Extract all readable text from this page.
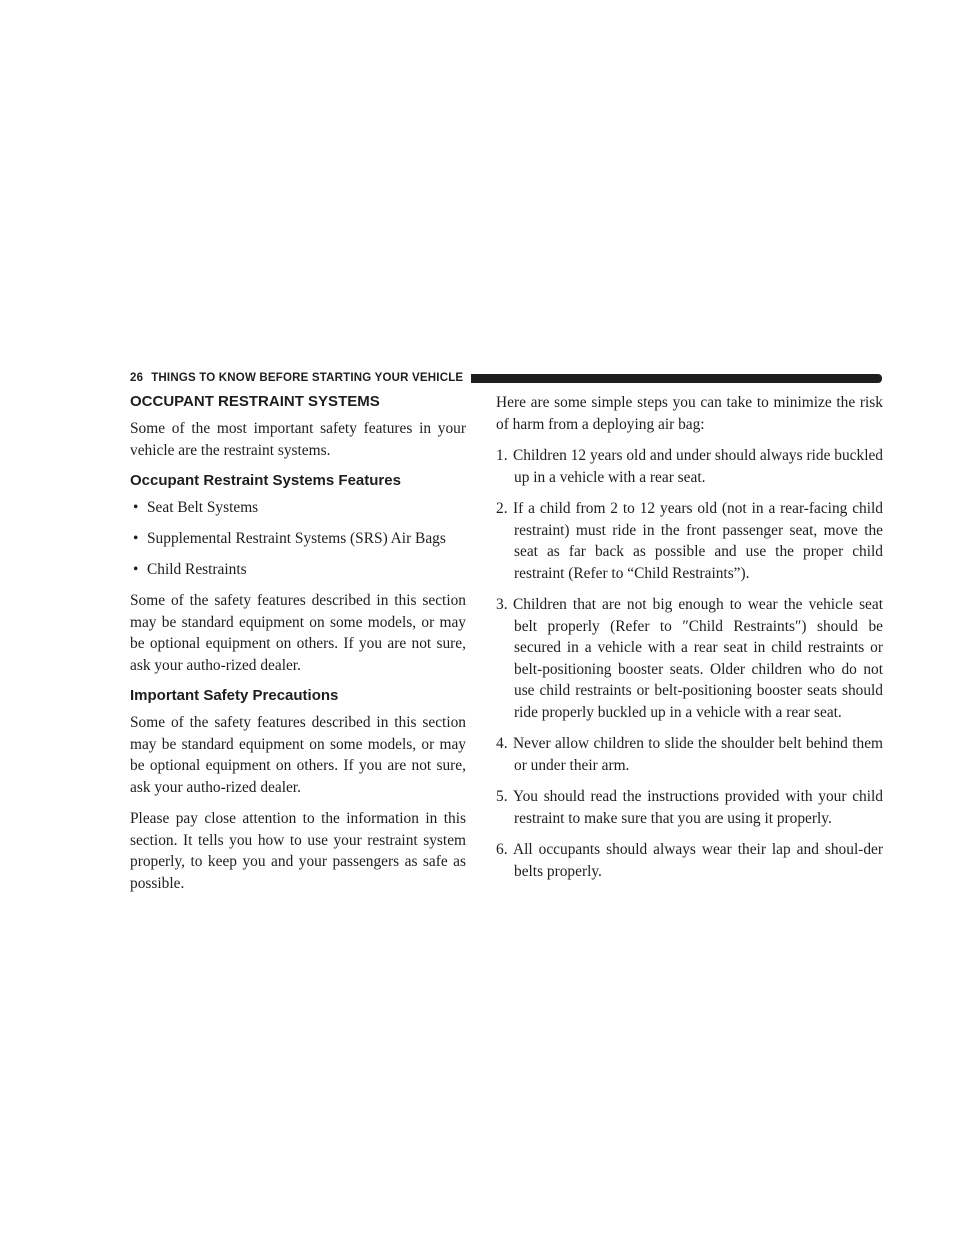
26 THINGS TO KNOW BEFORE STARTING YOUR VEHICLE
OCCUPANT RESTRAINT SYSTEMS

Some of the most important safety features in your vehicle are the restraint systems.

Occupant Restraint Systems Features
• Seat Belt Systems
• Supplemental Restraint Systems (SRS) Air Bags
• Child Restraints

Some of the safety features described in this section may be standard equipment on some models, or may be optional equipment on others. If you are not sure, ask your autho-rized dealer.

Important Safety Precautions

Some of the safety features described in this section may be standard equipment on some models, or may be optional equipment on others. If you are not sure, ask your autho-rized dealer.

Please pay close attention to the information in this section. It tells you how to use your restraint system properly, to keep you and your passengers as safe as possible.

Here are some simple steps you can take to minimize the risk of harm from a deploying air bag:

1. Children 12 years old and under should always ride buckled up in a vehicle with a rear seat.
2. If a child from 2 to 12 years old (not in a rear-facing child restraint) must ride in the front passenger seat, move the seat as far back as possible and use the proper child restraint (Refer to “Child Restraints”).
3. Children that are not big enough to wear the vehicle seat belt properly (Refer to ″Child Restraints″) should be secured in a vehicle with a rear seat in child restraints or belt-positioning booster seats. Older children who do not use child restraints or belt-positioning booster seats should ride properly buckled up in a vehicle with a rear seat.
4. Never allow children to slide the shoulder belt behind them or under their arm.
5. You should read the instructions provided with your child restraint to make sure that you are using it properly.
6. All occupants should always wear their lap and shoul-der belts properly.
